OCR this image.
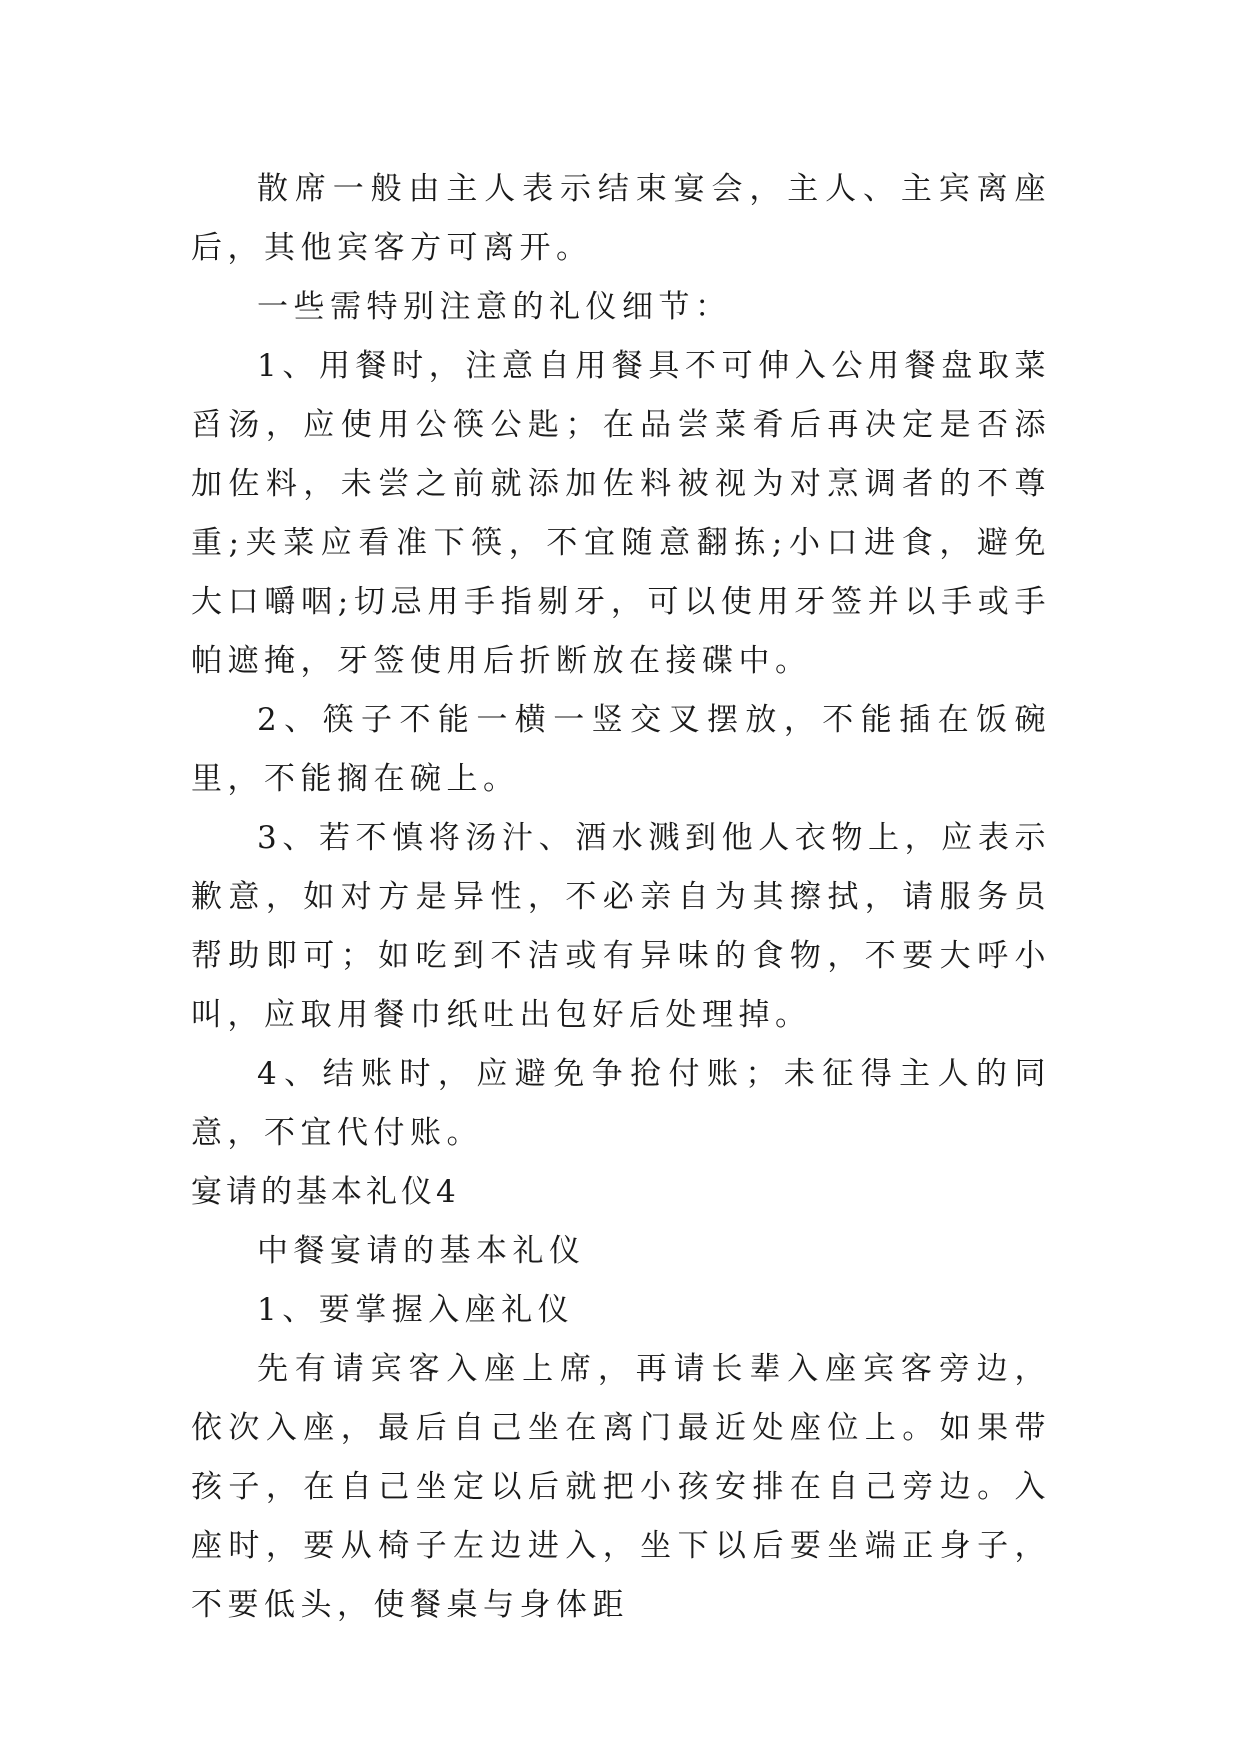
散席一般由主人表示结束宴会，主人、主宾离座后，其他宾客方可离开。

一些需特别注意的礼仪细节：

1、用餐时，注意自用餐具不可伸入公用餐盘取菜舀汤，应使用公筷公匙；在品尝菜肴后再决定是否添加佐料，未尝之前就添加佐料被视为对烹调者的不尊重;夹菜应看准下筷，不宜随意翻拣;小口进食，避免大口嚼咽;切忌用手指剔牙，可以使用牙签并以手或手帕遮掩，牙签使用后折断放在接碟中。

2、筷子不能一横一竖交叉摆放，不能插在饭碗里，不能搁在碗上。

3、若不慎将汤汁、酒水溅到他人衣物上，应表示歉意，如对方是异性，不必亲自为其擦拭，请服务员帮助即可；如吃到不洁或有异味的食物，不要大呼小叫，应取用餐巾纸吐出包好后处理掉。

4、结账时，应避免争抢付账；未征得主人的同意，不宜代付账。

宴请的基本礼仪4

中餐宴请的基本礼仪

1、要掌握入座礼仪

先有请宾客入座上席，再请长辈入座宾客旁边，依次入座，最后自己坐在离门最近处座位上。如果带孩子，在自己坐定以后就把小孩安排在自己旁边。入座时，要从椅子左边进入，坐下以后要坐端正身子，不要低头，使餐桌与身体距
